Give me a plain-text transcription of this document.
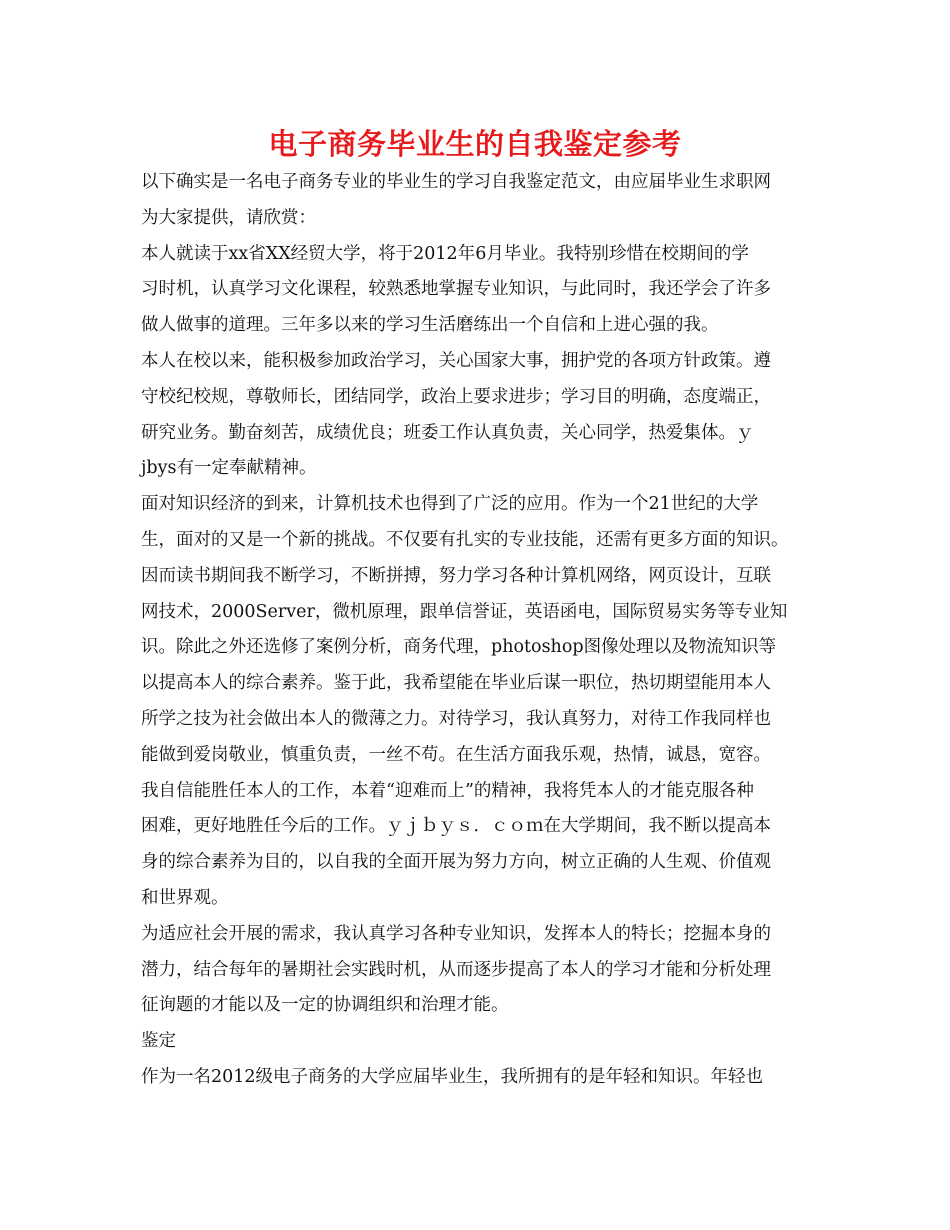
电子商务毕业生的自我鉴定参考
以下确实是一名电子商务专业的毕业生的学习自我鉴定范文，由应届毕业生求职网
为大家提供，请欣赏：
本人就读于xx省XX经贸大学，将于2012年6月毕业。我特别珍惜在校期间的学
习时机，认真学习文化课程，较熟悉地掌握专业知识，与此同时，我还学会了许多
做人做事的道理。三年多以来的学习生活磨练出一个自信和上进心强的我。
本人在校以来，能积极参加政治学习，关心国家大事，拥护党的各项方针政策。遵
守校纪校规，尊敬师长，团结同学，政治上要求进步；学习目的明确，态度端正，
研究业务。勤奋刻苦，成绩优良；班委工作认真负责，关心同学，热爱集体。ｙ
jbys有一定奉献精神。
面对知识经济的到来，计算机技术也得到了广泛的应用。作为一个21世纪的大学
生，面对的又是一个新的挑战。不仅要有扎实的专业技能，还需有更多方面的知识。
因而读书期间我不断学习，不断拼搏，努力学习各种计算机网络，网页设计，互联
网技术，2000Server，微机原理，跟单信誉证，英语函电，国际贸易实务等专业知
识。除此之外还选修了案例分析，商务代理，photoshop图像处理以及物流知识等
以提高本人的综合素养。鉴于此，我希望能在毕业后谋一职位，热切期望能用本人
所学之技为社会做出本人的微薄之力。对待学习，我认真努力，对待工作我同样也
能做到爱岗敬业，慎重负责，一丝不苟。在生活方面我乐观，热情，诚恳，宽容。
我自信能胜任本人的工作，本着“迎难而上”的精神，我将凭本人的才能克服各种
困难，更好地胜任今后的工作。ｙｊｂｙｓ．ｃｏｍ在大学期间，我不断以提高本
身的综合素养为目的，以自我的全面开展为努力方向，树立正确的人生观、价值观
和世界观。
为适应社会开展的需求，我认真学习各种专业知识，发挥本人的特长；挖掘本身的
潜力，结合每年的暑期社会实践时机，从而逐步提高了本人的学习才能和分析处理
征询题的才能以及一定的协调组织和治理才能。
鉴定
作为一名2012级电子商务的大学应届毕业生，我所拥有的是年轻和知识。年轻也
